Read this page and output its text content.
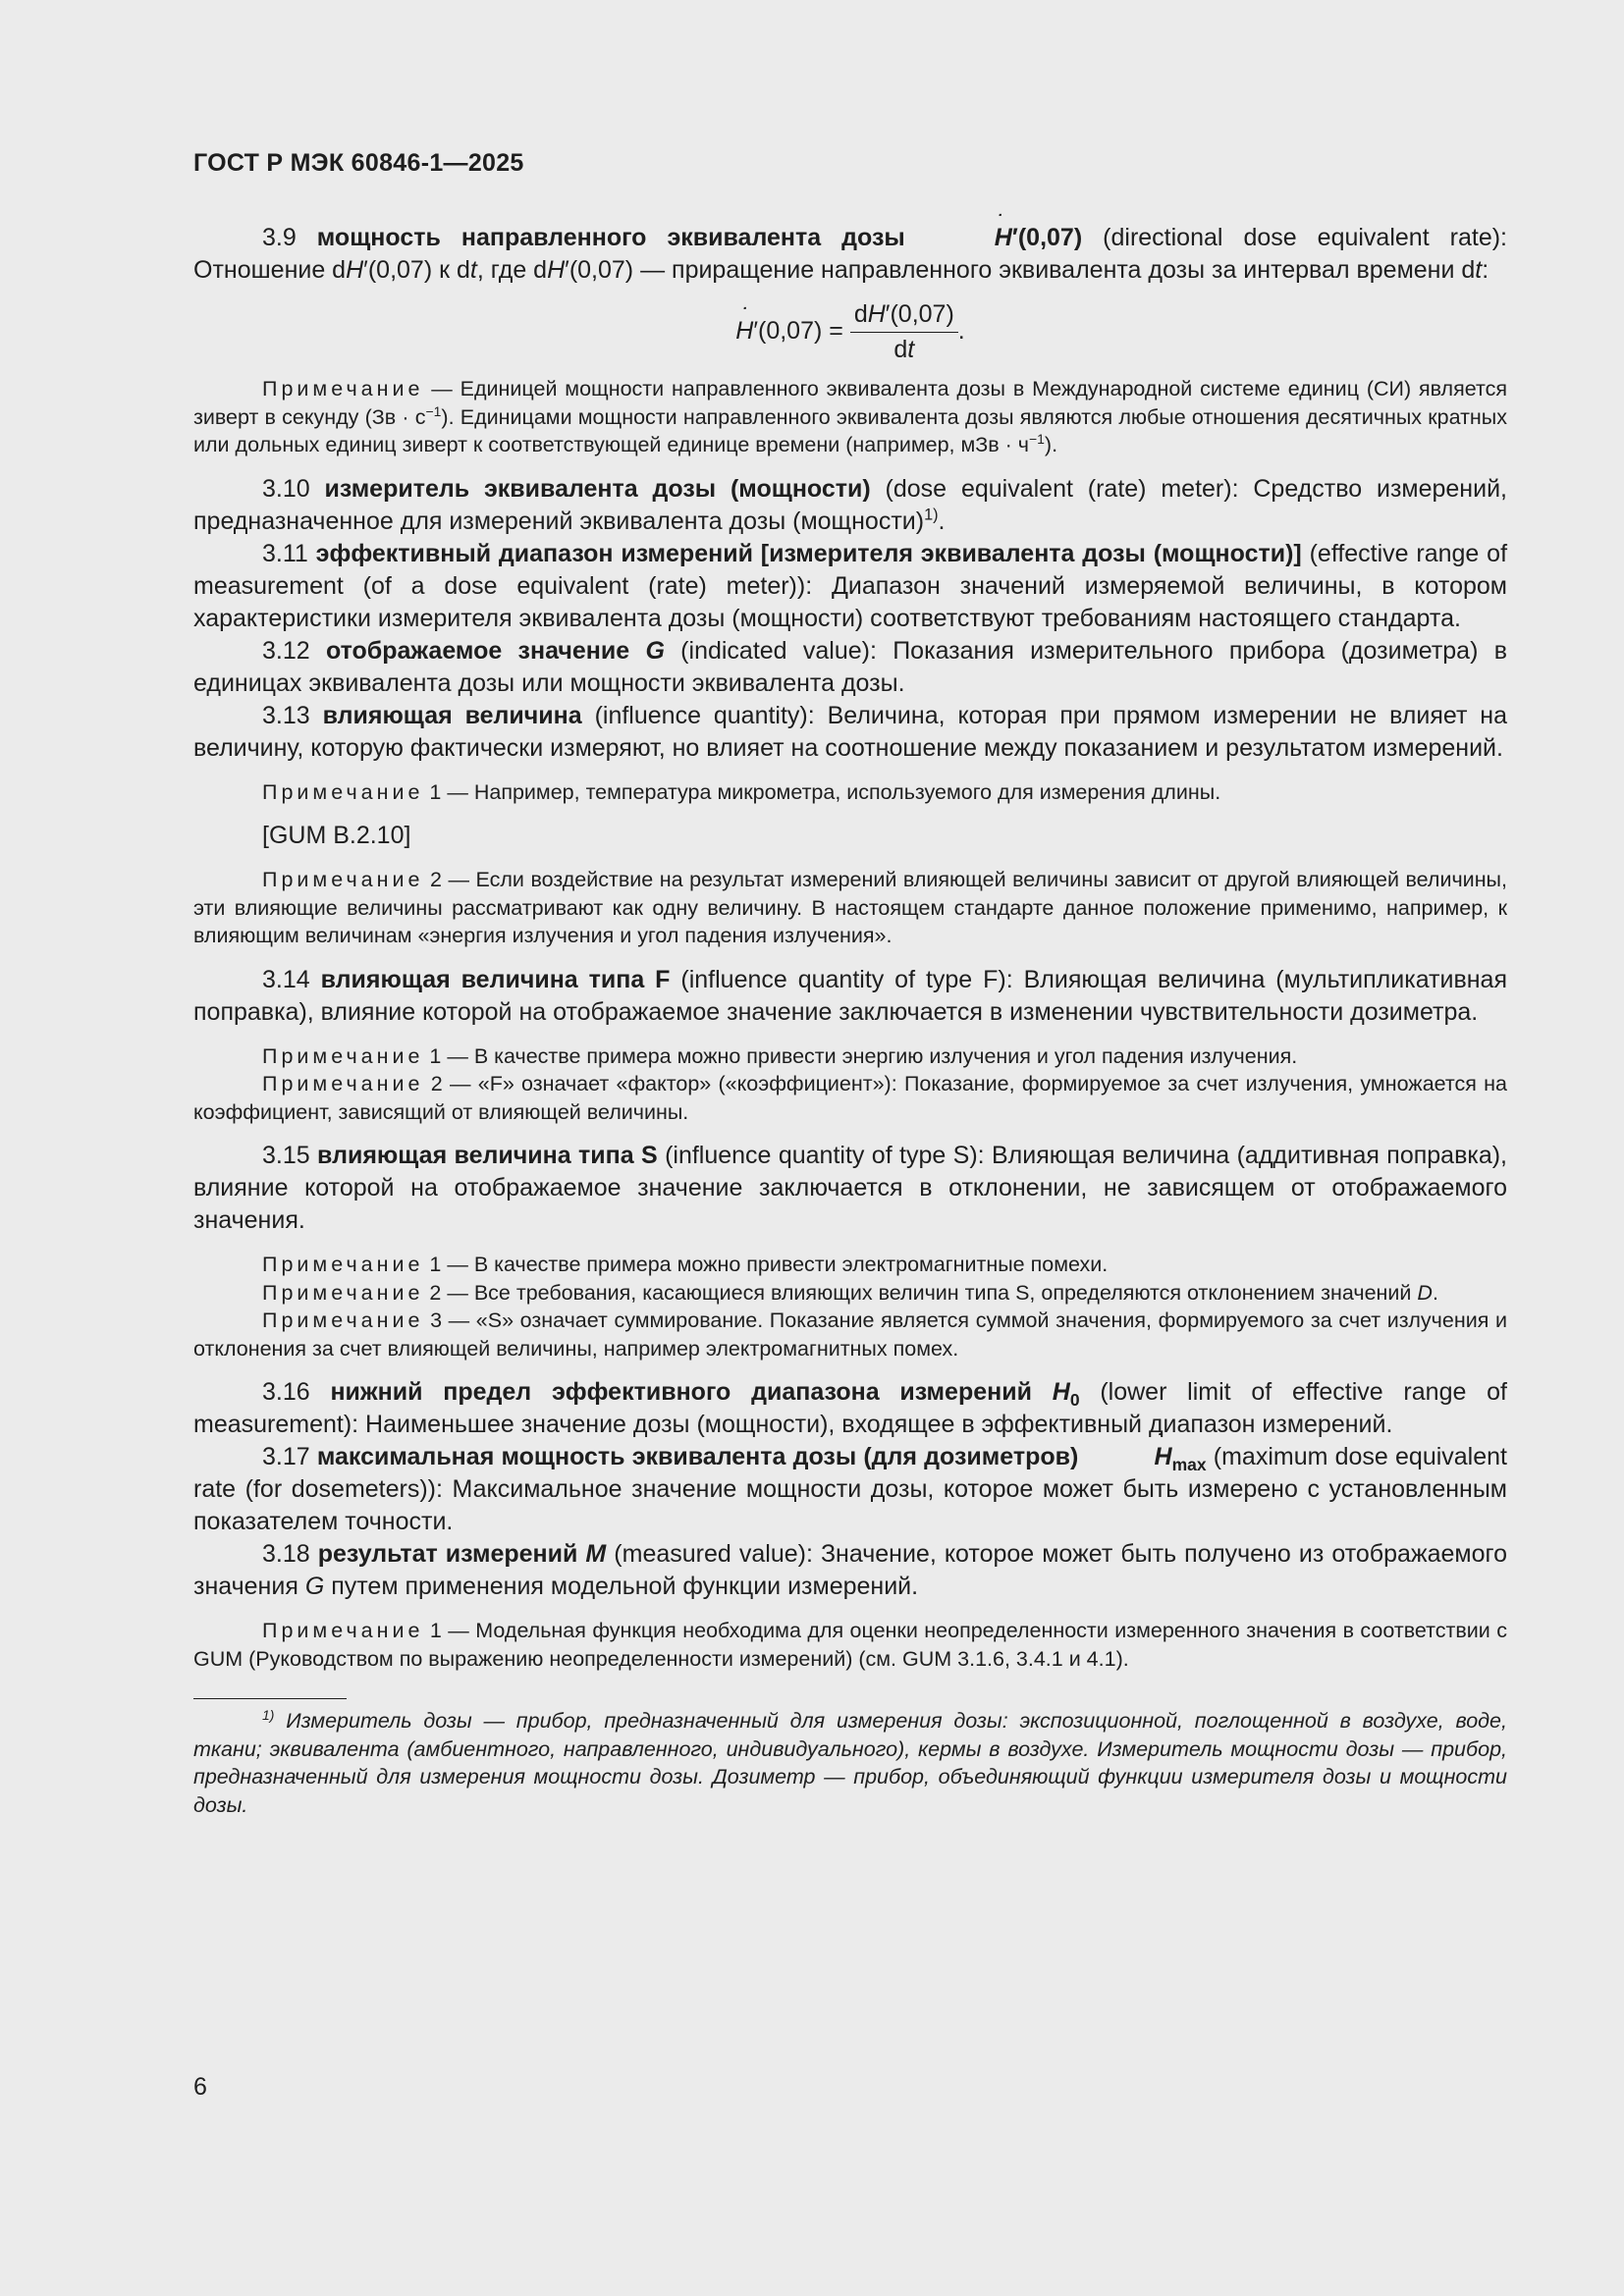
ГОСТ Р МЭК 60846-1—2025

3.9 мощность направленного эквивалента дозы	H ˙′(0,07) (directional dose equivalent rate): Отношение dH′(0,07) к dt, где dH′(0,07) — приращение направленного эквивалента дозы за интервал времени dt:

H ˙′(0,07) = $\frac{dH'(0,07)}{dt}$ .

Примечание — Единицей мощности направленного эквивалента дозы в Международной системе единиц (СИ) является зиверт в секунду $(Зв \cdot с^{-1})$. Единицами мощности направленного эквивалента дозы являются любые отношения десятичных кратных или дольных единиц зиверт к соответствующей единице времени (например, мЗв · $ч^{-1}$).

3.10 измеритель эквивалента дозы (мощности) (dose equivalent (rate) meter): Средство измерений, предназначенное для измерений эквивалента дозы (мощности)$^{1)}$.

3.11 эффективный диапазон измерений [измерителя эквивалента дозы (мощности)] (effective range of measurement (of a dose equivalent (rate) meter)): Диапазон значений измеряемой величины, в котором характеристики измерителя эквивалента дозы (мощности) соответствуют требованиям настоящего стандарта.

3.12 отображаемое значение G (indicated value): Показания измерительного прибора (дозиметра) в единицах эквивалента дозы или мощности эквивалента дозы.

3.13 влияющая величина (influence quantity): Величина, которая при прямом измерении не влияет на величину, которую фактически измеряют, но влияет на соотношение между показанием и результатом измерений.

Примечание 1 — Например, температура микрометра, используемого для измерения длины.

[GUM B.2.10]

Примечание 2 — Если воздействие на результат измерений влияющей величины зависит от другой влияющей величины, эти влияющие величины рассматривают как одну величину. В настоящем стандарте данное положение применимо, например, к влияющим величинам «энергия излучения и угол падения излучения».

3.14 влияющая величина типа F (influence quantity of type F): Влияющая величина (мультипликативная поправка), влияние которой на отображаемое значение заключается в изменении чувствительности дозиметра.

Примечание 1 — В качестве примера можно привести энергию излучения и угол падения излучения.

Примечание 2 — «F» означает «фактор» («коэффициент»): Показание, формируемое за счет излучения, умножается на коэффициент, зависящий от влияющей величины.

3.15 влияющая величина типа S (influence quantity of type S): Влияющая величина (аддитивная поправка), влияние которой на отображаемое значение заключается в отклонении, не зависящем от отображаемого значения.

Примечание 1 — В качестве примера можно привести электромагнитные помехи.

Примечание 2 — Все требования, касающиеся влияющих величин типа S, определяются отклонением значений D.

Примечание 3 — «S» означает суммирование. Показание является суммой значения, формируемого за счет излучения и отклонения за счет влияющей величины, например электромагнитных помех.

3.16 нижний предел эффективного диапазона измерений $H_0$ (lower limit of effective range of measurement): Наименьшее значение дозы (мощности), входящее в эффективный диапазон измерений.

3.17 максимальная мощность эквивалента дозы (для дозиметров)	H $˙_{max}$ (maximum dose equivalent rate (for dosemeters)): Максимальное значение мощности дозы, которое может быть измерено с установленным показателем точности.

3.18 результат измерений M (measured value): Значение, которое может быть получено из отображаемого значения G путем применения модельной функции измерений.

Примечание 1 — Модельная функция необходима для оценки неопределенности измеренного значения в соответствии с GUM (Руководством по выражению неопределенности измерений) (см. GUM 3.1.6, 3.4.1 и 4.1).

$^{1)}$ Измеритель дозы — прибор, предназначенный для измерения дозы: экспозиционной, поглощенной в воздухе, воде, ткани; эквивалента (амбиентного, направленного, индивидуального), кермы в воздухе. Измеритель мощности дозы — прибор, предназначенный для измерения мощности дозы. Дозиметр — прибор, объединяющий функции измерителя дозы и мощности дозы.

6
